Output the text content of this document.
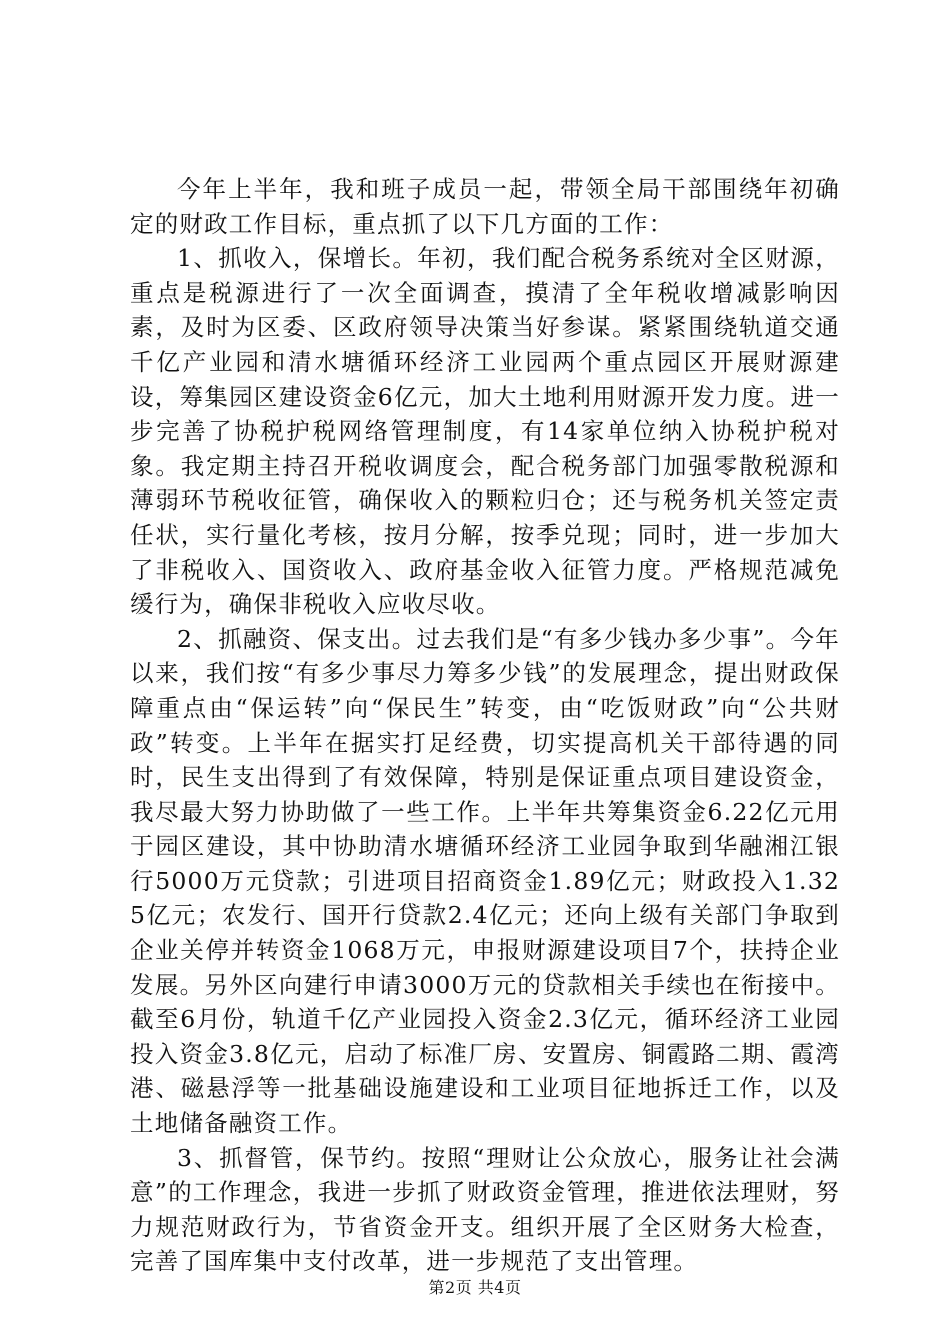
今年上半年，我和班子成员一起，带领全局干部围绕年初确定的财政工作目标，重点抓了以下几方面的工作：

1、抓收入，保增长。年初，我们配合税务系统对全区财源，重点是税源进行了一次全面调查，摸清了全年税收增减影响因素，及时为区委、区政府领导决策当好参谋。紧紧围绕轨道交通千亿产业园和清水塘循环经济工业园两个重点园区开展财源建设，筹集园区建设资金6亿元，加大土地利用财源开发力度。进一步完善了协税护税网络管理制度，有14家单位纳入协税护税对象。我定期主持召开税收调度会，配合税务部门加强零散税源和薄弱环节税收征管，确保收入的颗粒归仓；还与税务机关签定责任状，实行量化考核，按月分解，按季兑现；同时，进一步加大了非税收入、国资收入、政府基金收入征管力度。严格规范减免缓行为，确保非税收入应收尽收。

2、抓融资、保支出。过去我们是“有多少钱办多少事”。今年以来，我们按“有多少事尽力筹多少钱”的发展理念，提出财政保障重点由“保运转”向“保民生”转变，由“吃饭财政”向“公共财政”转变。上半年在据实打足经费，切实提高机关干部待遇的同时，民生支出得到了有效保障，特别是保证重点项目建设资金，我尽最大努力协助做了一些工作。上半年共筹集资金6.22亿元用于园区建设，其中协助清水塘循环经济工业园争取到华融湘江银行5000万元贷款；引进项目招商资金1.89亿元；财政投入1.325亿元；农发行、国开行贷款2.4亿元；还向上级有关部门争取到企业关停并转资金1068万元，申报财源建设项目7个，扶持企业发展。另外区向建行申请3000万元的贷款相关手续也在衔接中。截至6月份，轨道千亿产业园投入资金2.3亿元，循环经济工业园投入资金3.8亿元，启动了标准厂房、安置房、铜霞路二期、霞湾港、磁悬浮等一批基础设施建设和工业项目征地拆迁工作，以及土地储备融资工作。

3、抓督管，保节约。按照“理财让公众放心，服务让社会满意”的工作理念，我进一步抓了财政资金管理，推进依法理财，努力规范财政行为，节省资金开支。组织开展了全区财务大检查，完善了国库集中支付改革，进一步规范了支出管理。

第2页 共4页
